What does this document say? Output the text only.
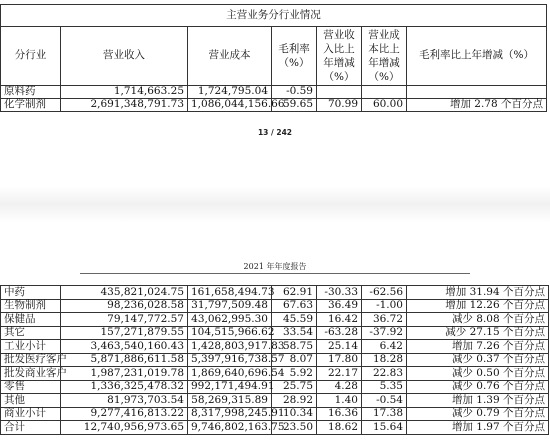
主营业务分行业情况						
分行业	营业收入	营业成本	毛利率（%）	营业收入比上年增减（%）	营业成本比上年增减（%）	毛利率比上年增减（%）
原料药	1,714,663.25	1,724,795.04	-0.59			
化学制剂	2,691,348,791.73	1,086,044,156.66	59.65	70.99	60.00	增加 2.78 个百分点
13 / 242
2021 年年度报告
中药	435,821,024.75	161,658,494.73	62.91	-30.33	-62.56	增加 31.94 个百分点
生物制剂	98,236,028.58	31,797,509.48	67.63	36.49	-1.00	增加 12.26 个百分点
保健品	79,147,772.57	43,062,995.30	45.59	16.42	36.72	减少 8.08 个百分点
其它	157,271,879.55	104,515,966.62	33.54	-63.28	-37.92	减少 27.15 个百分点
工业小计	3,463,540,160.43	1,428,803,917.83	58.75	25.14	6.42	增加 7.26 个百分点
批发医疗客户	5,871,886,611.58	5,397,916,738.57	8.07	17.80	18.28	减少 0.37 个百分点
批发商业客户	1,987,231,019.78	1,869,640,696.54	5.92	22.17	22.83	减少 0.50 个百分点
零售	1,336,325,478.32	992,171,494.91	25.75	4.28	5.35	减少 0.76 个百分点
其他	81,973,703.54	58,269,315.89	28.92	1.40	-0.54	增加 1.39 个百分点
商业小计	9,277,416,813.22	8,317,998,245.91	10.34	16.36	17.38	减少 0.79 个百分点
合计	12,740,956,973.65	9,746,802,163.75	23.50	18.62	15.64	增加 1.97 个百分点
